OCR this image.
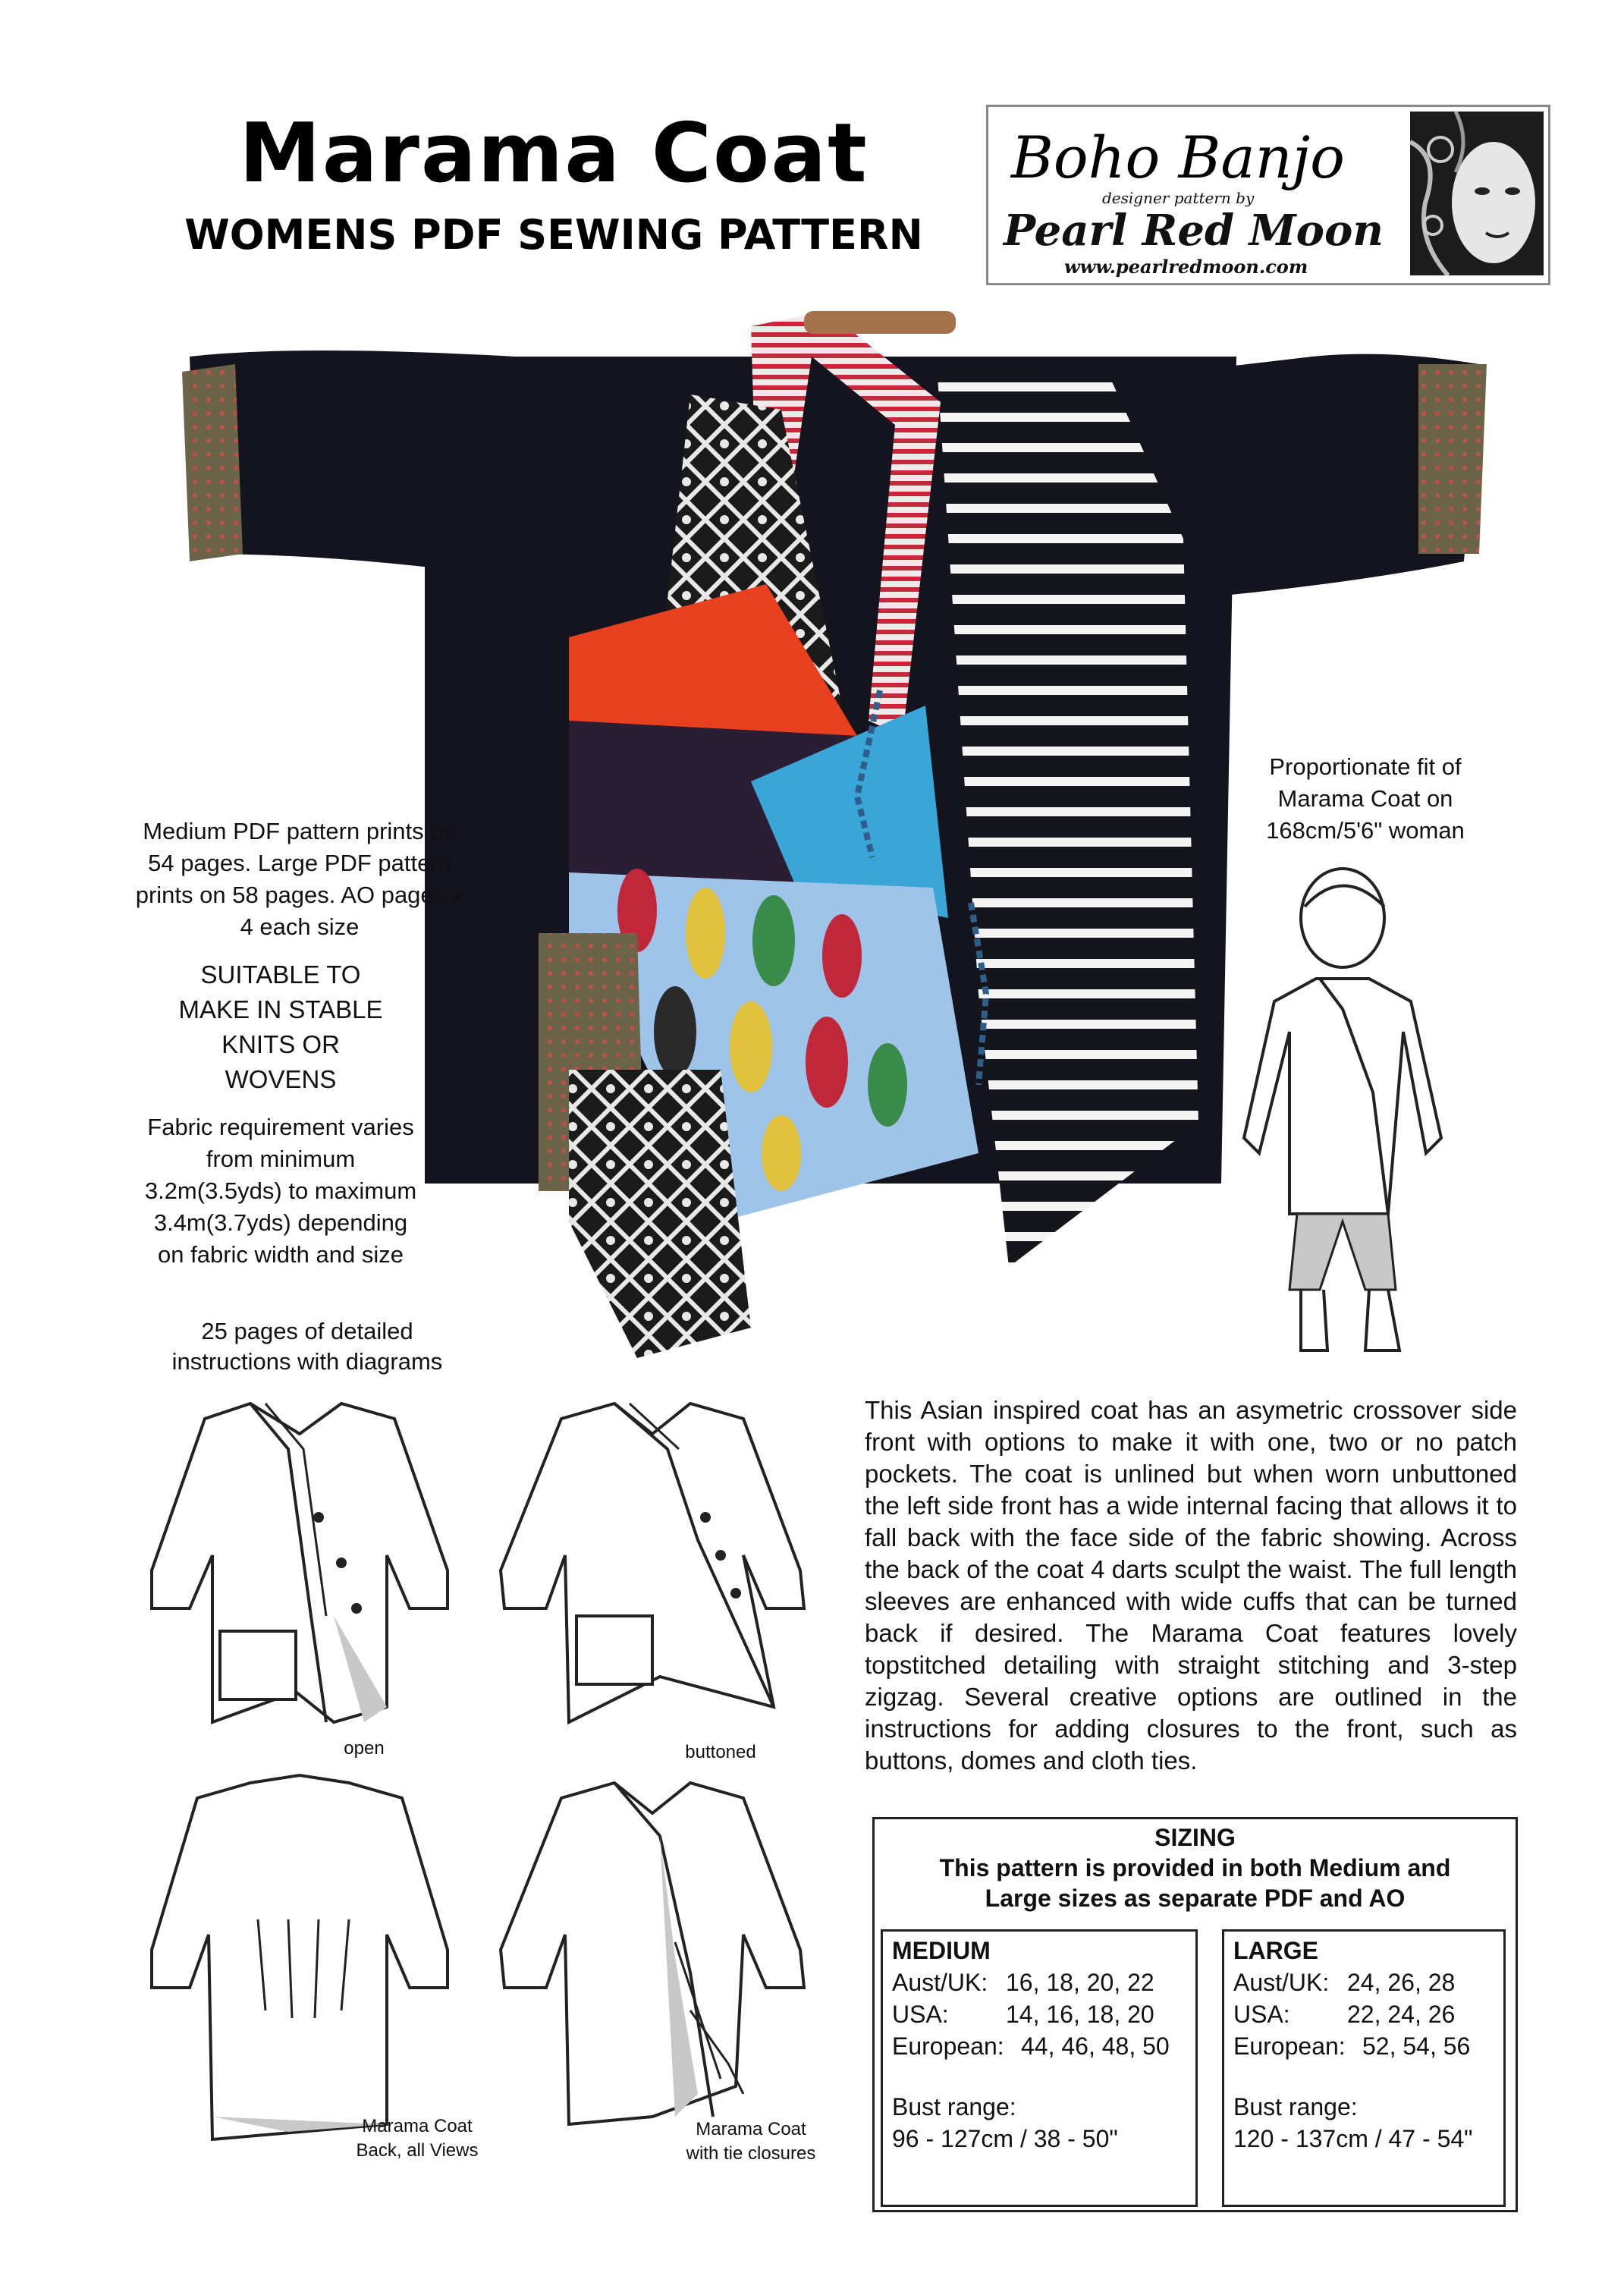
Marama Coat
WOMENS PDF SEWING PATTERN
Boho Banjo
designer pattern by
Pearl Red Moon
www.pearlredmoon.com
Medium PDF pattern prints on 54 pages. Large PDF pattern prints on 58 pages. AO pages x 4 each size
SUITABLE TO MAKE IN STABLE KNITS OR WOVENS
Fabric requirement varies from minimum 3.2m(3.5yds) to maximum 3.4m(3.7yds) depending on fabric width and size
25 pages of detailed instructions with diagrams
Proportionate fit of Marama Coat on 168cm/5'6" woman
This Asian inspired coat has an asymetric crossover side front with options to make it with one, two or no patch pockets. The coat is unlined but when worn unbuttoned the left side front has a wide internal facing that allows it to fall back with the face side of the fabric showing. Across the back of the coat 4 darts sculpt the waist. The full length sleeves are enhanced with wide cuffs that can be turned back if desired. The Marama Coat features lovely topstitched detailing with straight stitching and 3-step zigzag. Several creative options are outlined in the instructions for adding closures to the front, such as buttons, domes and cloth ties.
open	buttoned
Marama Coat
Back, all Views
Marama Coat
with tie closures
SIZING
This pattern is provided in both Medium and
Large sizes as separate PDF and AO
MEDIUM
Aust/UK: 16, 18, 20, 22
USA:	14, 16, 18, 20
European: 44, 46, 48, 50
Bust range:
96 - 127cm / 38 - 50"
LARGE
Aust/UK: 24, 26, 28
USA:	22, 24, 26
European: 52, 54, 56
Bust range:
120 - 137cm / 47 - 54"
